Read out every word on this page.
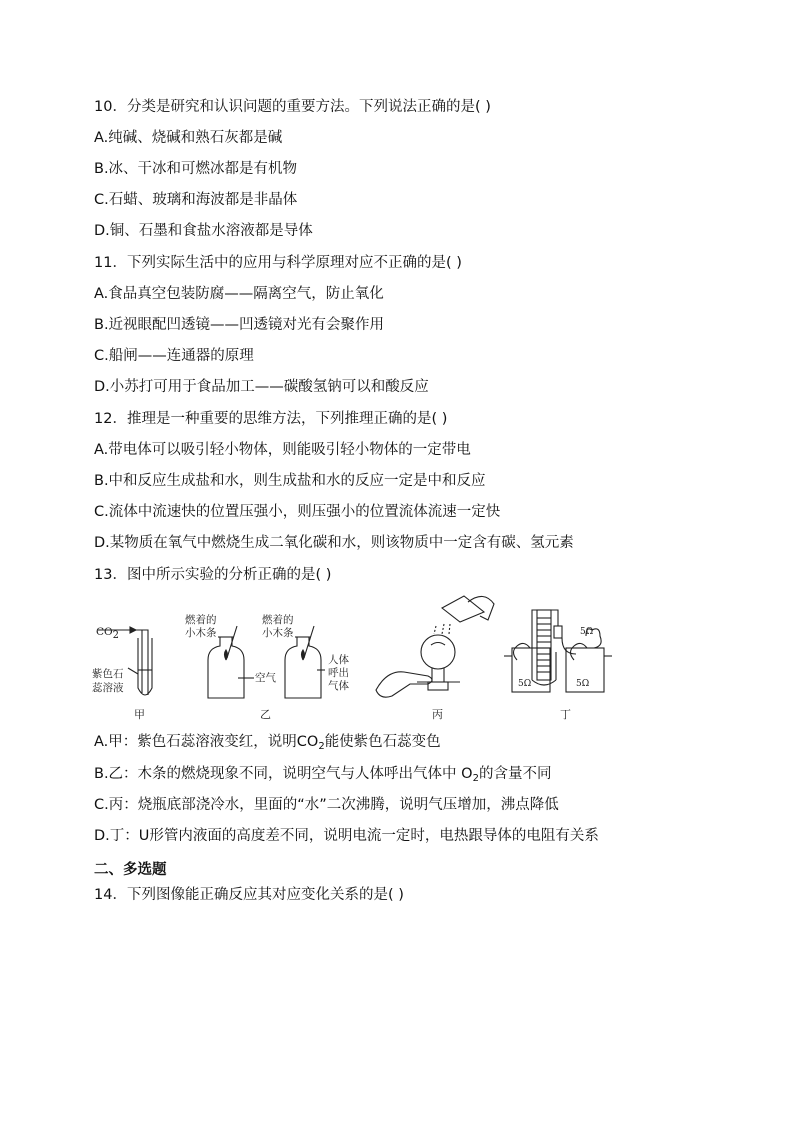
10．分类是研究和认识问题的重要方法。下列说法正确的是( )
A.纯碱、烧碱和熟石灰都是碱
B.冰、干冰和可燃冰都是有机物
C.石蜡、玻璃和海波都是非晶体
D.铜、石墨和食盐水溶液都是导体
11．下列实际生活中的应用与科学原理对应不正确的是( )
A.食品真空包装防腐——隔离空气，防止氧化
B.近视眼配凹透镜——凹透镜对光有会聚作用
C.船闸——连通器的原理
D.小苏打可用于食品加工——碳酸氢钠可以和酸反应
12．推理是一种重要的思维方法，下列推理正确的是( )
A.带电体可以吸引轻小物体，则能吸引轻小物体的一定带电
B.中和反应生成盐和水，则生成盐和水的反应一定是中和反应
C.流体中流速快的位置压强小，则压强小的位置流体流速一定快
D.某物质在氧气中燃烧生成二氧化碳和水，则该物质中一定含有碳、氢元素
13．图中所示实验的分析正确的是( )
$CO_2$
紫色石
蕊溶液
燃着的
小木条
燃着的
小木条
空气
人体
呼出
气体
5Ω
5Ω	5Ω
甲	乙	丙	丁
A.甲：紫色石蕊溶液变红，说明$CO_2$能使紫色石蕊变色
B.乙：木条的燃烧现象不同，说明空气与人体呼出气体中 $O_2$的含量不同
C.丙：烧瓶底部浇冷水，里面的“水”二次沸腾，说明气压增加，沸点降低
D.丁：U形管内液面的高度差不同，说明电流一定时，电热跟导体的电阻有关系
二、多选题
14．下列图像能正确反应其对应变化关系的是( )
